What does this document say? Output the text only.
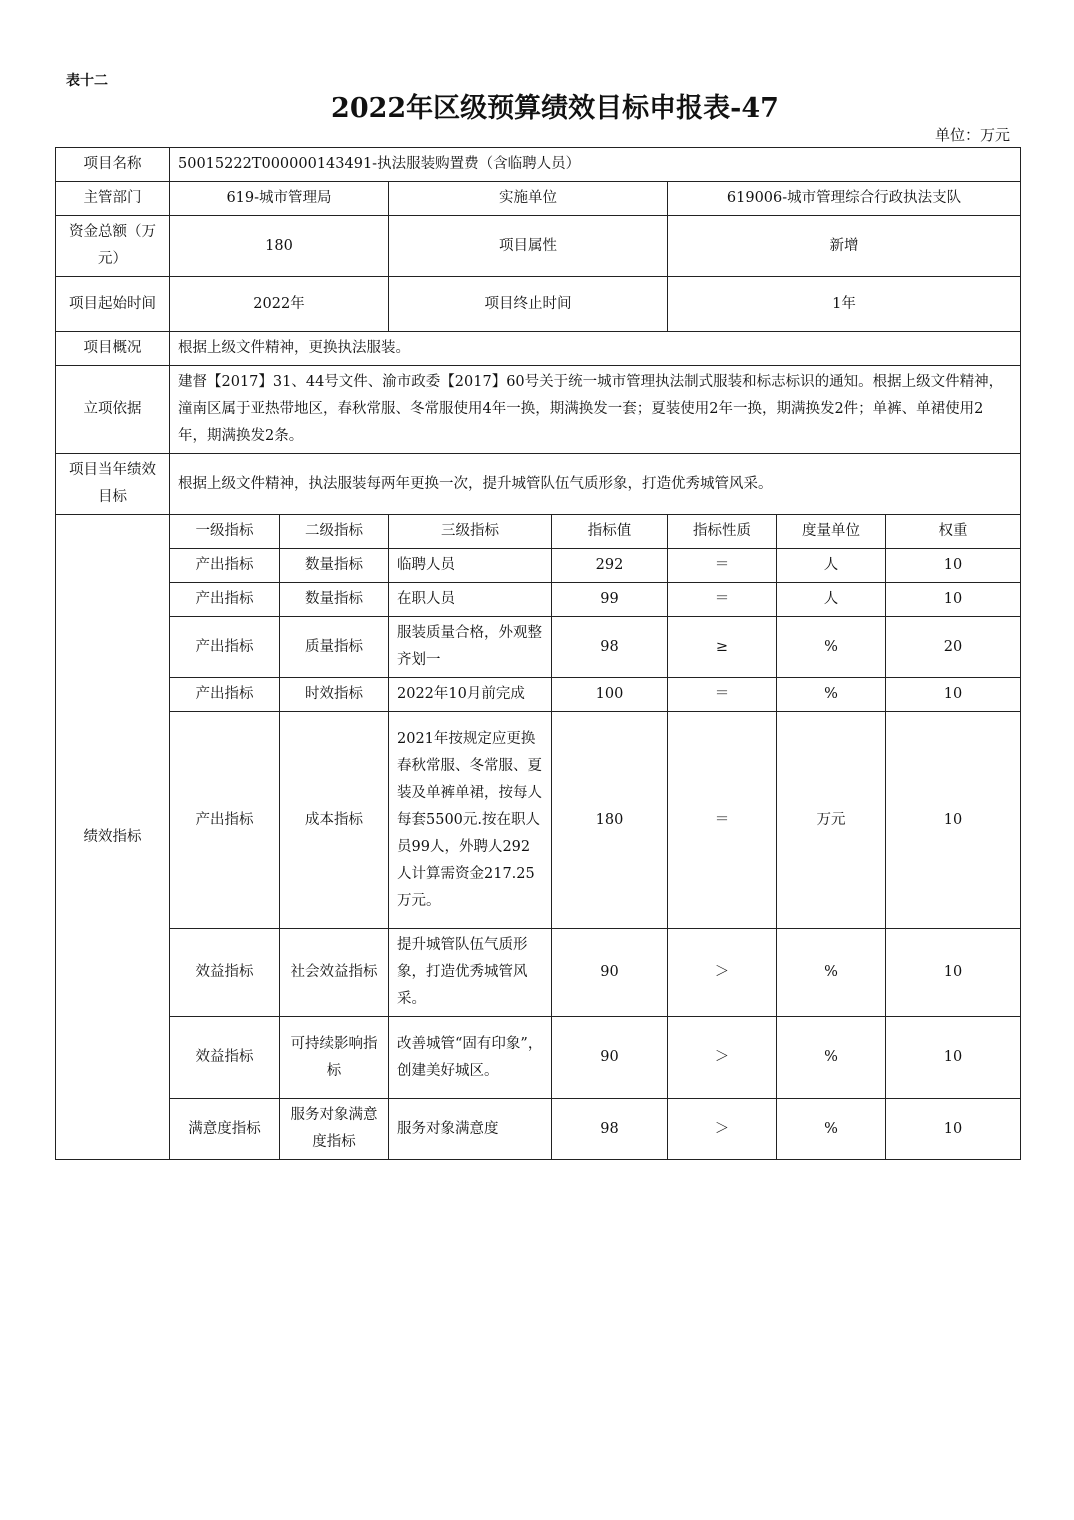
表十二
2022年区级预算绩效目标申报表-47
单位：万元
项目名称	50015222T000000143491-执法服装购置费（含临聘人员）						
主管部门	619-城市管理局		实施单位		619006-城市管理综合行政执法支队		
资金总额（万元）	180		项目属性		新增		
项目起始时间	2022年		项目终止时间		1年		
项目概况	根据上级文件精神，更换执法服装。						
立项依据	建督【2017】31、44号文件、渝市政委【2017】60号关于统一城市管理执法制式服装和标志标识的通知。根据上级文件精神，潼南区属于亚热带地区，春秋常服、冬常服使用4年一换，期满换发一套；夏装使用2年一换，期满换发2件；单裤、单裙使用2年，期满换发2条。						
项目当年绩效目标	根据上级文件精神，执法服装每两年更换一次，提升城管队伍气质形象，打造优秀城管风采。						
绩效指标	一级指标	二级指标	三级指标	指标值	指标性质	度量单位	权重
	产出指标	数量指标	临聘人员	292	＝	人	10
	产出指标	数量指标	在职人员	99	＝	人	10
	产出指标	质量指标	服装质量合格，外观整齐划一	98	≥	%	20
	产出指标	时效指标	2022年10月前完成	100	＝	%	10
	产出指标	成本指标	2021年按规定应更换春秋常服、冬常服、夏装及单裤单裙，按每人每套5500元.按在职人员99人，外聘人292人计算需资金217.25万元。	180	＝	万元	10
	效益指标	社会效益指标	提升城管队伍气质形象，打造优秀城管风采。	90	＞	%	10
	效益指标	可持续影响指标	改善城管“固有印象”，创建美好城区。	90	＞	%	10
	满意度指标	服务对象满意度指标	服务对象满意度	98	＞	%	10
